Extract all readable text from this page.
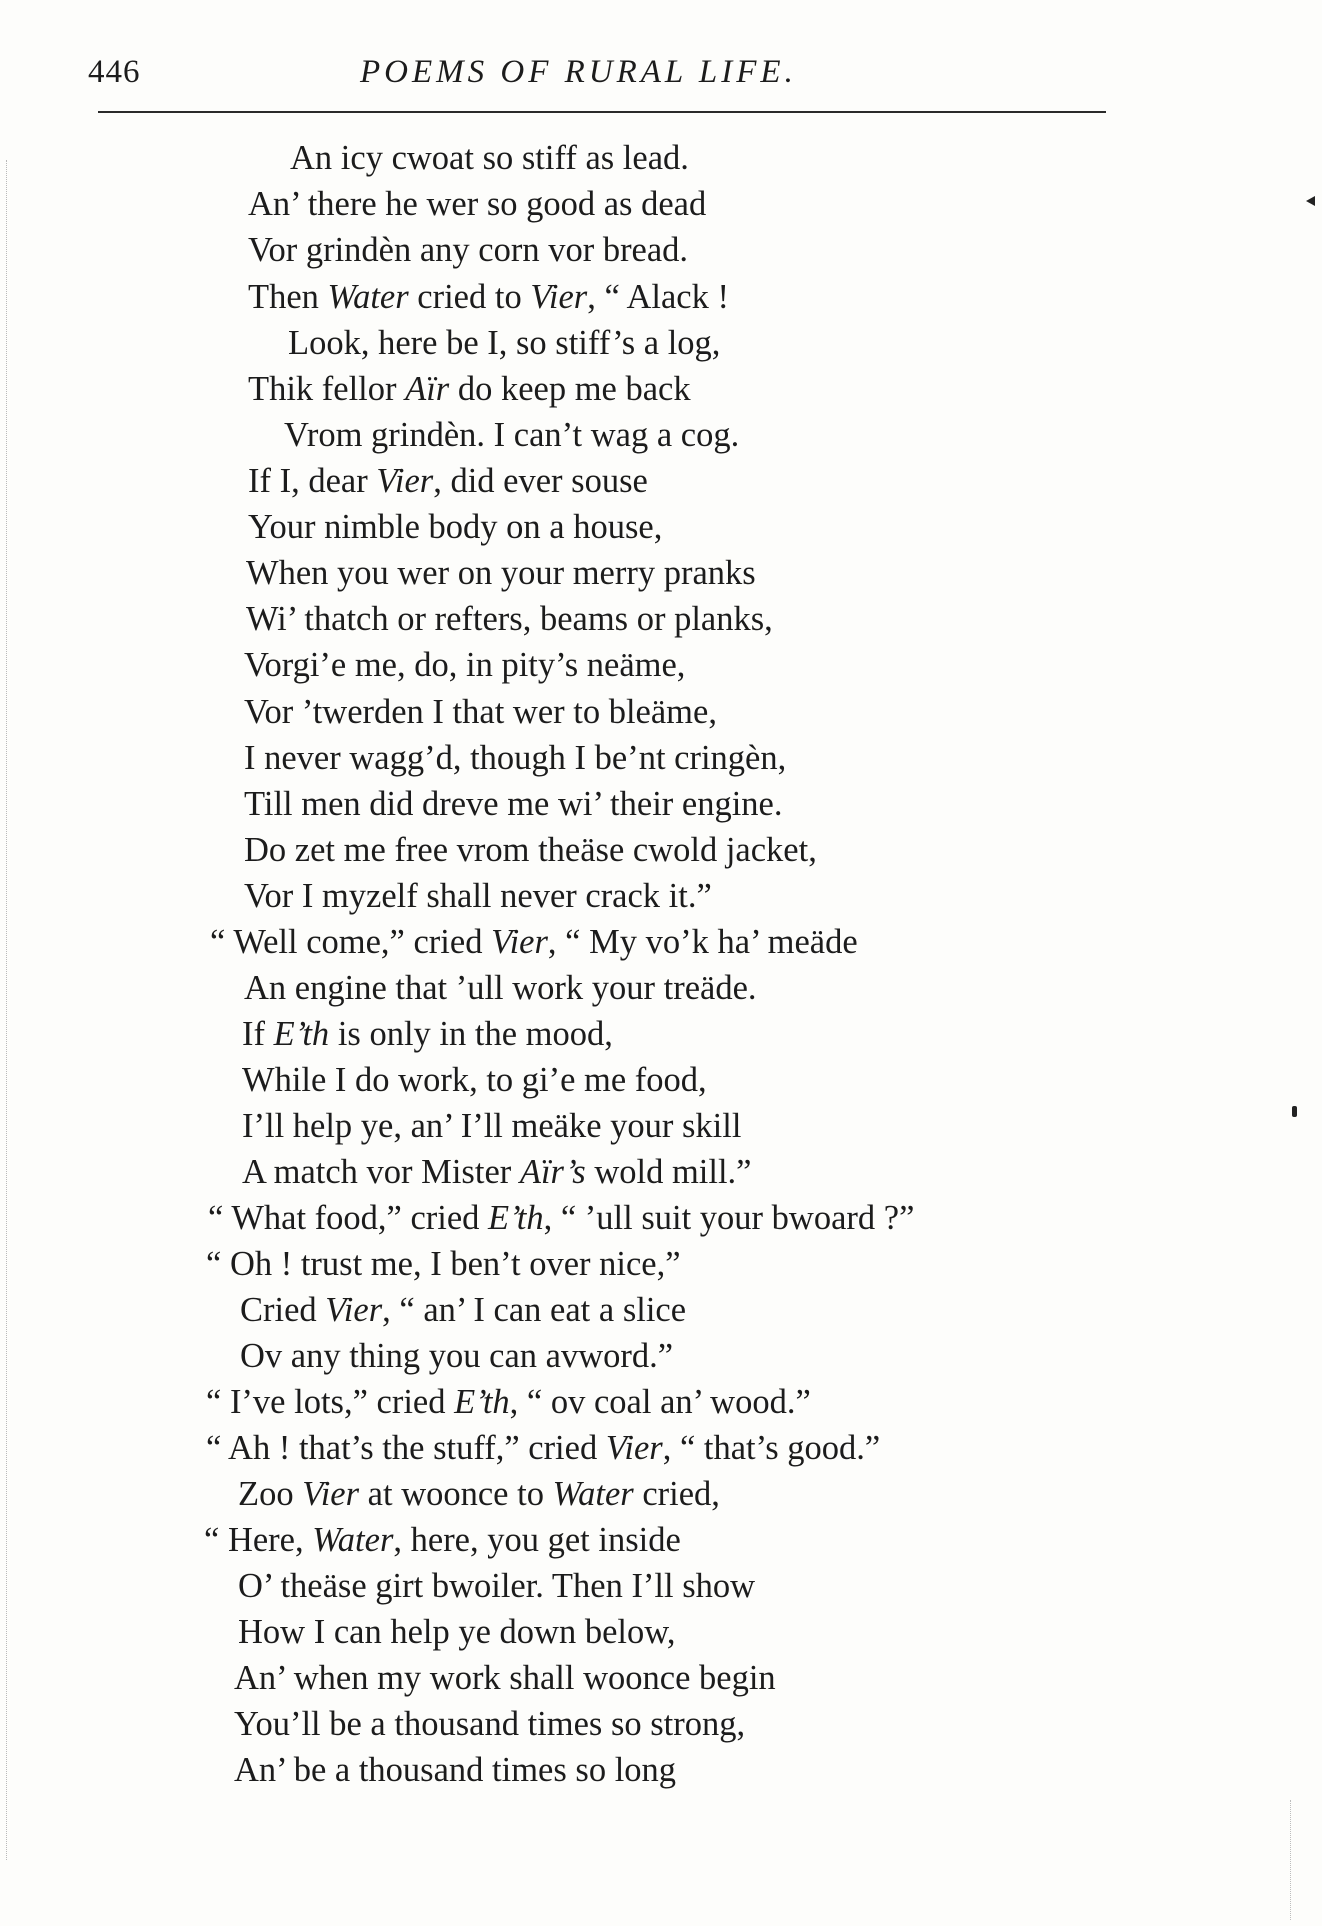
446	POEMS OF RURAL LIFE.
An icy cwoat so stiff as lead.
An’ there he wer so good as dead
Vor grindèn any corn vor bread.
Then Water cried to Vier, “ Alack !
Look, here be I, so stiff’s a log,
Thik fellor Aïr do keep me back
Vrom grindèn. I can’t wag a cog.
If I, dear Vier, did ever souse
Your nimble body on a house,
When you wer on your merry pranks
Wi’ thatch or refters, beams or planks,
Vorgi’e me, do, in pity’s neäme,
Vor ’twerden I that wer to bleäme,
I never wagg’d, though I be’nt cringèn,
Till men did dreve me wi’ their engine.
Do zet me free vrom theäse cwold jacket,
Vor I myzelf shall never crack it.”
“ Well come,” cried Vier, “ My vo’k ha’ meäde
An engine that ’ull work your treäde.
If E’th is only in the mood,
While I do work, to gi’e me food,
I’ll help ye, an’ I’ll meäke your skill
A match vor Mister Aïr’s wold mill.”
“ What food,” cried E’th, “ ’ull suit your bwoard ?”
“ Oh ! trust me, I ben’t over nice,”
Cried Vier, “ an’ I can eat a slice
Ov any thing you can avword.”
“ I’ve lots,” cried E’th, “ ov coal an’ wood.”
“ Ah ! that’s the stuff,” cried Vier, “ that’s good.”
Zoo Vier at woonce to Water cried,
“ Here, Water, here, you get inside
O’ theäse girt bwoiler. Then I’ll show
How I can help ye down below,
An’ when my work shall woonce begin
You’ll be a thousand times so strong,
An’ be a thousand times so long
